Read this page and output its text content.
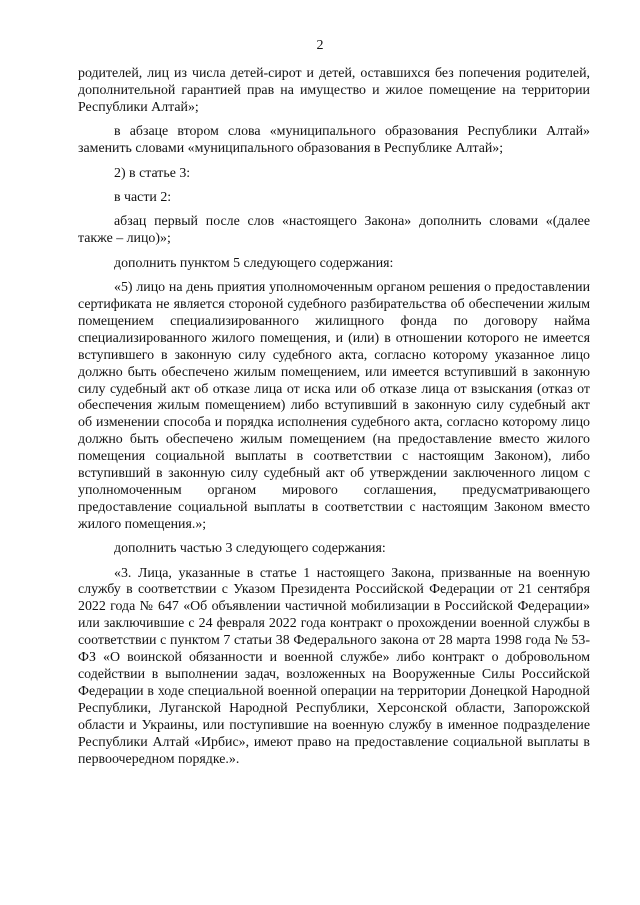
2

родителей, лиц из числа детей-сирот и детей, оставшихся без попечения родителей, дополнительной гарантией прав на имущество и жилое помещение на территории Республики Алтай»;

в абзаце втором слова «муниципального образования Республики Алтай» заменить словами «муниципального образования в Республике Алтай»;

2) в статье 3:

в части 2:

абзац первый после слов «настоящего Закона» дополнить словами «(далее также – лицо)»;

дополнить пунктом 5 следующего содержания:

«5) лицо на день приятия уполномоченным органом решения о предоставлении сертификата не является стороной судебного разбирательства об обеспечении жилым помещением специализированного жилищного фонда по договору найма специализированного жилого помещения, и (или) в отношении которого не имеется вступившего в законную силу судебного акта, согласно которому указанное лицо должно быть обеспечено жилым помещением, или имеется вступивший в законную силу судебный акт об отказе лица от иска или об отказе лица от взыскания (отказ от обеспечения жилым помещением) либо вступивший в законную силу судебный акт об изменении способа и порядка исполнения судебного акта, согласно которому лицо должно быть обеспечено жилым помещением (на предоставление вместо жилого помещения социальной выплаты в соответствии с настоящим Законом), либо вступивший в законную силу судебный акт об утверждении заключенного лицом с уполномоченным органом мирового соглашения, предусматривающего предоставление социальной выплаты в соответствии с настоящим Законом вместо жилого помещения.»;

дополнить частью 3 следующего содержания:

«3. Лица, указанные в статье 1 настоящего Закона, призванные на военную службу в соответствии с Указом Президента Российской Федерации от 21 сентября 2022 года № 647 «Об объявлении частичной мобилизации в Российской Федерации» или заключившие с 24 февраля 2022 года контракт о прохождении военной службы в соответствии с пунктом 7 статьи 38 Федерального закона от 28 марта 1998 года № 53-ФЗ «О воинской обязанности и военной службе» либо контракт о добровольном содействии в выполнении задач, возложенных на Вооруженные Силы Российской Федерации в ходе специальной военной операции на территории Донецкой Народной Республики, Луганской Народной Республики, Херсонской области, Запорожской области и Украины, или поступившие на военную службу в именное подразделение Республики Алтай «Ирбис», имеют право на предоставление социальной выплаты в первоочередном порядке.».
